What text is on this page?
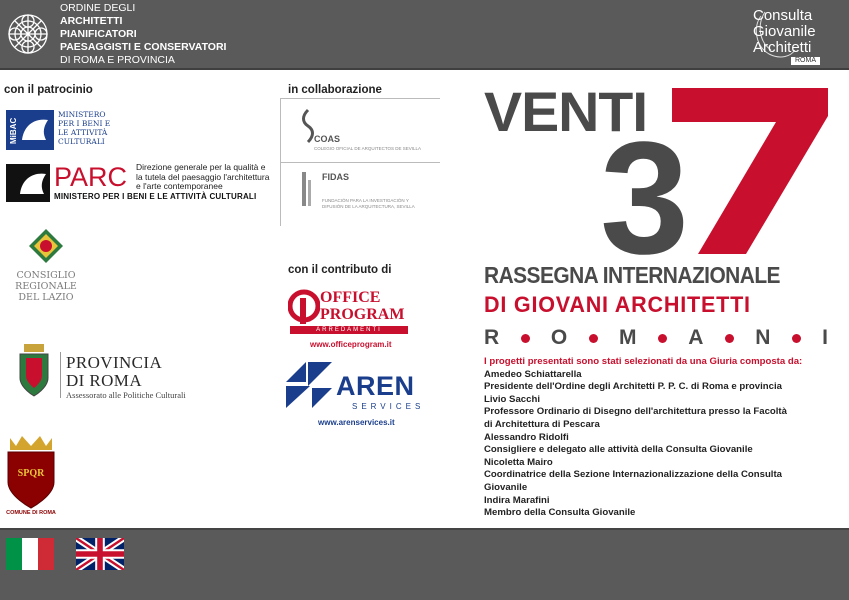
ORDINE DEGLI
ARCHITETTI
PIANIFICATORI
PAESAGGISTI E CONSERVATORI
DI ROMA E PROVINCIA
Consulta
Giovanile
Architetti
ROMA
con il patrocinio
MiBAC
MINISTERO
PER I BENI E
LE ATTIVITÀ
CULTURALI
PARC Direzione generale per la qualità e la tutela del paesaggio l'architettura e l'arte contemporanee
MINISTERO PER I BENI E LE ATTIVITÀ CULTURALI
CONSIGLIO
REGIONALE
DEL LAZIO
PROVINCIA
DI ROMA
Assessorato alle Politiche Culturali
SPQR
COMUNE DI ROMA
in collaborazione
COAS
COLEGIO OFICIAL DE ARQUITECTOS DE SEVILLA
FIDAS
FUNDACIÓN PARA LA INVESTIGACIÓN Y
DIFUSIÓN DE LA ARQUITECTURA, SEVILLA
con il contributo di
OFFICE
PROGRAM
ARREDAMENTI
www.officeprogram.it
AREN
SERVICES
www.arenservices.it
VENTI
3
RASSEGNA INTERNAZIONALE
DI GIOVANI ARCHITETTI
R O M A N I
I progetti presentati sono stati selezionati da una Giuria composta da:
Amedeo Schiattarella
Presidente dell'Ordine degli Architetti P. P. C. di Roma e provincia
Livio Sacchi
Professore Ordinario di Disegno dell'architettura presso la Facoltà
di Architettura di Pescara
Alessandro Ridolfi
Consigliere e delegato alle attività della Consulta Giovanile
Nicoletta Mairo
Coordinatrice della Sezione Internazionalizzazione della Consulta
Giovanile
Indira Marafini
Membro della Consulta Giovanile
